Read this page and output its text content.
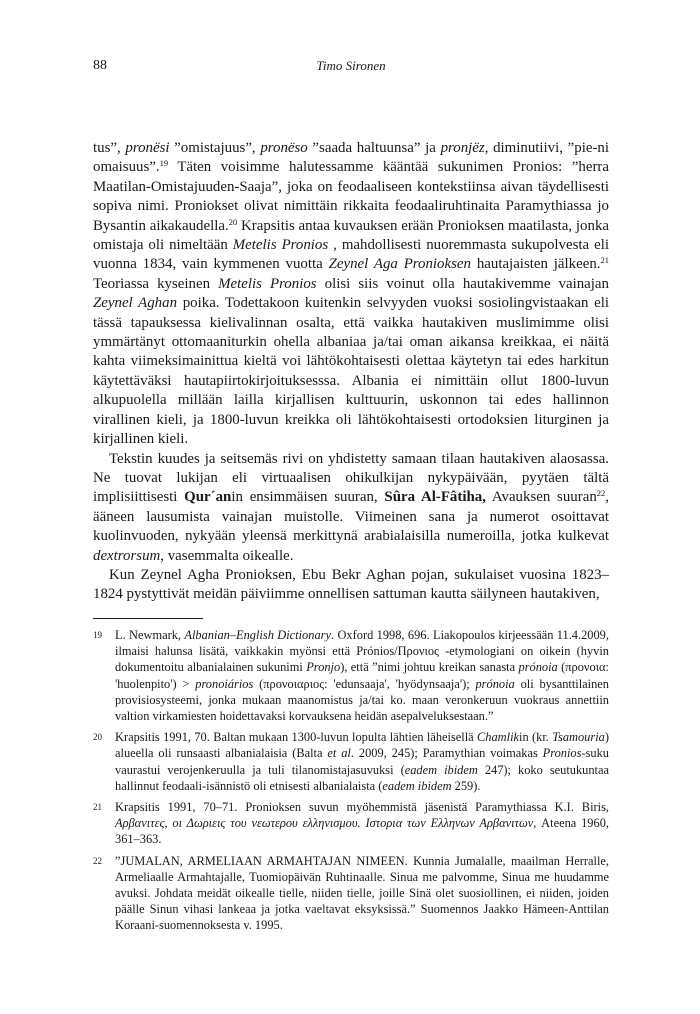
88	Timo Sironen

tus”, pronësi ”omistajuus”, pronëso ”saada haltuunsa” ja pronjëz, diminutiivi, ”pie-ni omaisuus”.$^{19}$ Täten voisimme halutessamme kääntää sukunimen Pronios: ”herra Maatilan-Omistajuuden-Saaja”, joka on feodaaliseen kontekstiinsa aivan täydellisesti sopiva nimi. Proniokset olivat nimittäin rikkaita feodaaliruhtinaita Paramythiassa jo Bysantin aikakaudella.$^{20}$ Krapsitis antaa kuvauksen erään Pronioksen maatilasta, jonka omistaja oli nimeltään Metelis Pronios , mahdollisesti nuoremmasta sukupolvesta eli vuonna 1834, vain kymmenen vuotta Zeynel Aga Pronioksen hautajaisten jälkeen.$^{21}$ Teoriassa kyseinen Metelis Pronios olisi siis voinut olla hautakivemme vainajan Zeynel Aghan poika. Todettakoon kuitenkin selvyyden vuoksi sosiolingvistaakan eli tässä tapauksessa kielivalinnan osalta, että vaikka hautakiven muslimimme olisi ymmärtänyt ottomaaniturkin ohella albaniaa ja/tai oman aikansa kreikkaa, ei näitä kahta viimeksimainittua kieltä voi lähtökohtaisesti olettaa käytetyn tai edes harkitun käytettäväksi hautapiirtokirjoituksesssa. Albania ei nimittäin ollut 1800-luvun alkupuolella millään lailla kirjallisen kulttuurin, uskonnon tai edes hallinnon virallinen kieli, ja 1800-luvun kreikka oli lähtökohtaisesti ortodoksien liturginen ja kirjallinen kieli.

Tekstin kuudes ja seitsemäs rivi on yhdistetty samaan tilaan hautakiven alaosassa. Ne tuovat lukijan eli virtuaalisen ohikulkijan nykypäivään, pyytäen tältä implisiittisesti Qur´anin ensimmäisen suuran, Sûra Al-Fâtiha, Avauksen suuran$^{22}$, ääneen lausumista vainajan muistolle. Viimeinen sana ja numerot osoittavat kuolinvuoden, nykyään yleensä merkittynä arabialaisilla numeroilla, jotka kulkevat dextrorsum, vasemmalta oikealle.

Kun Zeynel Agha Pronioksen, Ebu Bekr Aghan pojan, sukulaiset vuosina 1823–1824 pystyttivät meidän päiviimme onnellisen sattuman kautta säilyneen hautakiven,

19 L. Newmark, Albanian–English Dictionary. Oxford 1998, 696. Liakopoulos kirjeessään 11.4.2009, ilmaisi halunsa lisätä, vaikkakin myönsi että Prónios/Προνιος -etymologiani on oikein (hyvin dokumentoitu albanialainen sukunimi Pronjo), että ”nimi johtuu kreikan sanasta prónoia (προνοια: 'huolenpito') > pronoiários (προνοιαριος: 'edunsaaja', 'hyödynsaaja'); prónoia oli bysanttilainen provisiosysteemi, jonka mukaan maanomistus ja/tai ko. maan veronkeruun vuokraus annettiin valtion virkamiesten hoidettavaksi korvauksena heidän asepalveluksestaan.”
20 Krapsitis 1991, 70. Baltan mukaan 1300-luvun lopulta lähtien läheisellä Chamlikin (kr. Tsamouria) alueella oli runsaasti albanialaisia (Balta et al. 2009, 245); Paramythian voimakas Pronios-suku vaurastui verojenkeruulla ja tuli tilanomistajasuvuksi (eadem ibidem 247); koko seutukuntaa hallinnut feodaali-isännistö oli etnisesti albanialaista (eadem ibidem 259).
21 Krapsitis 1991, 70–71. Pronioksen suvun myöhemmistä jäsenistä Paramythiassa K.I. Biris, Αρβανιτες, οι Δωριεις του νεωτερου ελληνισμου. Ιστορια των Ελληνων Αρβανιτων, Ateena 1960, 361–363.
22 ”JUMALAN, ARMELIAAN ARMAHTAJAN NIMEEN. Kunnia Jumalalle, maailman Herralle, Armeliaalle Armahtajalle, Tuomiopäivän Ruhtinaalle. Sinua me palvomme, Sinua me huudamme avuksi. Johdata meidät oikealle tielle, niiden tielle, joille Sinä olet suosiollinen, ei niiden, joiden päälle Sinun vihasi lankeaa ja jotka vaeltavat eksyksissä.” Suomennos Jaakko Hämeen-Anttilan Koraani-suomennoksesta v. 1995.
